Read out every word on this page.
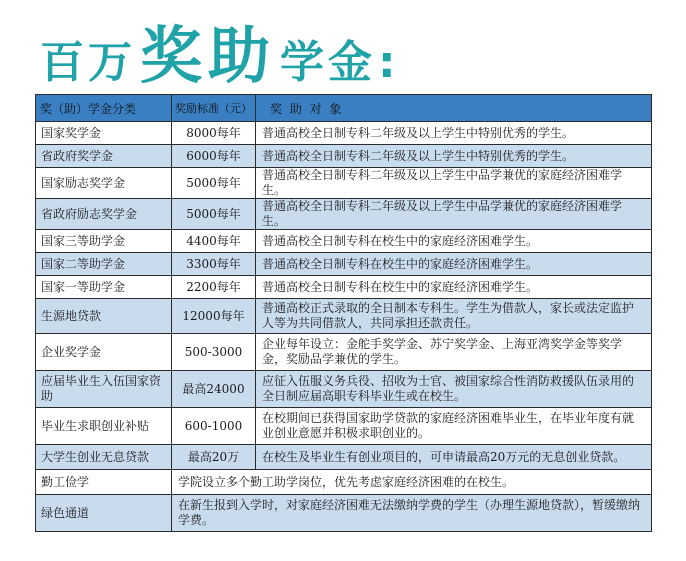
百万 奖助 学金 :
奖（助）学金分类	奖励标准（元）	奖 助 对 象
国家奖学金	8000每年	普通高校全日制专科二年级及以上学生中特别优秀的学生。
省政府奖学金	6000每年	普通高校全日制专科二年级及以上学生中特别优秀的学生。
国家励志奖学金	5000每年	普通高校全日制专科二年级及以上学生中品学兼优的家庭经济困难学生。
省政府励志奖学金	5000每年	普通高校全日制专科二年级及以上学生中品学兼优的家庭经济困难学生。
国家三等助学金	4400每年	普通高校全日制专科在校生中的家庭经济困难学生。
国家二等助学金	3300每年	普通高校全日制专科在校生中的家庭经济困难学生。
国家一等助学金	2200每年	普通高校全日制专科在校生中的家庭经济困难学生。
生源地贷款	12000每年	普通高校正式录取的全日制本专科生。学生为借款人，家长或法定监护人等为共同借款人，共同承担还款责任。
企业奖学金	500-3000	企业每年设立：金舵手奖学金、苏宁奖学金、上海亚湾奖学金等奖学金，奖励品学兼优的学生。
应届毕业生入伍国家资助	最高24000	应征入伍服义务兵役、招收为士官、被国家综合性消防救援队伍录用的全日制应届高职专科毕业生或在校生。
毕业生求职创业补贴	600-1000	在校期间已获得国家助学贷款的家庭经济困难毕业生，在毕业年度有就业创业意愿并积极求职创业的。
大学生创业无息贷款	最高20万	在校生及毕业生有创业项目的，可申请最高20万元的无息创业贷款。
勤工俭学	学院设立多个勤工助学岗位，优先考虑家庭经济困难的在校生。	
绿色通道	在新生报到入学时，对家庭经济困难无法缴纳学费的学生（办理生源地贷款），暂缓缴纳学费。	
